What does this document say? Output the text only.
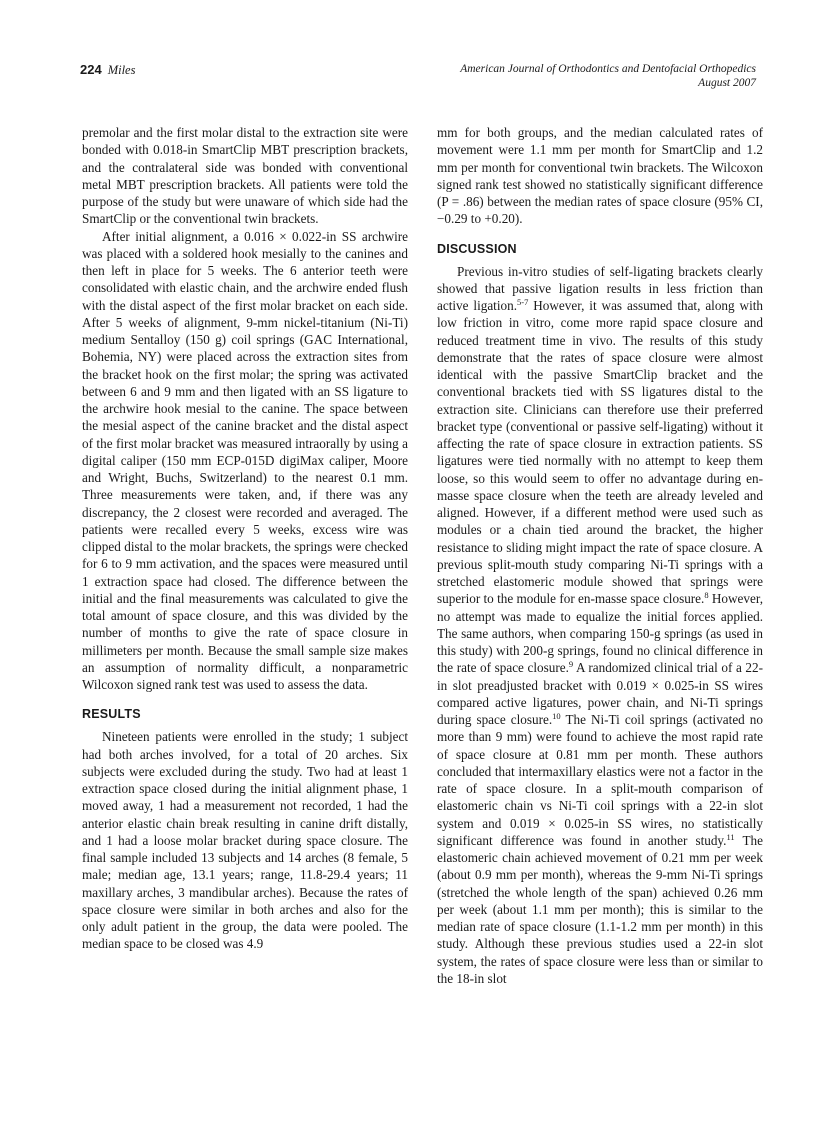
224 Miles	American Journal of Orthodontics and Dentofacial Orthopedics
August 2007

premolar and the first molar distal to the extraction site were bonded with 0.018-in SmartClip MBT prescription brackets, and the contralateral side was bonded with conventional metal MBT prescription brackets. All patients were told the purpose of the study but were unaware of which side had the SmartClip or the conventional twin brackets.

After initial alignment, a 0.016 × 0.022-in SS archwire was placed with a soldered hook mesially to the canines and then left in place for 5 weeks. The 6 anterior teeth were consolidated with elastic chain, and the archwire ended flush with the distal aspect of the first molar bracket on each side. After 5 weeks of alignment, 9-mm nickel-titanium (Ni-Ti) medium Sentalloy (150 g) coil springs (GAC International, Bohemia, NY) were placed across the extraction sites from the bracket hook on the first molar; the spring was activated between 6 and 9 mm and then ligated with an SS ligature to the archwire hook mesial to the canine. The space between the mesial aspect of the canine bracket and the distal aspect of the first molar bracket was measured intraorally by using a digital caliper (150 mm ECP-015D digiMax caliper, Moore and Wright, Buchs, Switzerland) to the nearest 0.1 mm. Three measurements were taken, and, if there was any discrepancy, the 2 closest were recorded and averaged. The patients were recalled every 5 weeks, excess wire was clipped distal to the molar brackets, the springs were checked for 6 to 9 mm activation, and the spaces were measured until 1 extraction space had closed. The difference between the initial and the final measurements was calculated to give the total amount of space closure, and this was divided by the number of months to give the rate of space closure in millimeters per month. Because the small sample size makes an assumption of normality difficult, a nonparametric Wilcoxon signed rank test was used to assess the data.

RESULTS

Nineteen patients were enrolled in the study; 1 subject had both arches involved, for a total of 20 arches. Six subjects were excluded during the study. Two had at least 1 extraction space closed during the initial alignment phase, 1 moved away, 1 had a measurement not recorded, 1 had the anterior elastic chain break resulting in canine drift distally, and 1 had a loose molar bracket during space closure. The final sample included 13 subjects and 14 arches (8 female, 5 male; median age, 13.1 years; range, 11.8-29.4 years; 11 maxillary arches, 3 mandibular arches). Because the rates of space closure were similar in both arches and also for the only adult patient in the group, the data were pooled. The median space to be closed was 4.9

mm for both groups, and the median calculated rates of movement were 1.1 mm per month for SmartClip and 1.2 mm per month for conventional twin brackets. The Wilcoxon signed rank test showed no statistically significant difference (P = .86) between the median rates of space closure (95% CI, −0.29 to +0.20).

DISCUSSION

Previous in-vitro studies of self-ligating brackets clearly showed that passive ligation results in less friction than active ligation.$^{5-7}$ However, it was assumed that, along with low friction in vitro, come more rapid space closure and reduced treatment time in vivo. The results of this study demonstrate that the rates of space closure were almost identical with the passive SmartClip bracket and the conventional brackets tied with SS ligatures distal to the extraction site. Clinicians can therefore use their preferred bracket type (conventional or passive self-ligating) without it affecting the rate of space closure in extraction patients. SS ligatures were tied normally with no attempt to keep them loose, so this would seem to offer no advantage during en-masse space closure when the teeth are already leveled and aligned. However, if a different method were used such as modules or a chain tied around the bracket, the higher resistance to sliding might impact the rate of space closure. A previous split-mouth study comparing Ni-Ti springs with a stretched elastomeric module showed that springs were superior to the module for en-masse space closure.$^8$ However, no attempt was made to equalize the initial forces applied. The same authors, when comparing 150-g springs (as used in this study) with 200-g springs, found no clinical difference in the rate of space closure.$^9$ A randomized clinical trial of a 22-in slot preadjusted bracket with 0.019 × 0.025-in SS wires compared active ligatures, power chain, and Ni-Ti springs during space closure.$^{10}$ The Ni-Ti coil springs (activated no more than 9 mm) were found to achieve the most rapid rate of space closure at 0.81 mm per month. These authors concluded that intermaxillary elastics were not a factor in the rate of space closure. In a split-mouth comparison of elastomeric chain vs Ni-Ti coil springs with a 22-in slot system and 0.019 × 0.025-in SS wires, no statistically significant difference was found in another study.$^{11}$ The elastomeric chain achieved movement of 0.21 mm per week (about 0.9 mm per month), whereas the 9-mm Ni-Ti springs (stretched the whole length of the span) achieved 0.26 mm per week (about 1.1 mm per month); this is similar to the median rate of space closure (1.1-1.2 mm per month) in this study. Although these previous studies used a 22-in slot system, the rates of space closure were less than or similar to the 18-in slot
